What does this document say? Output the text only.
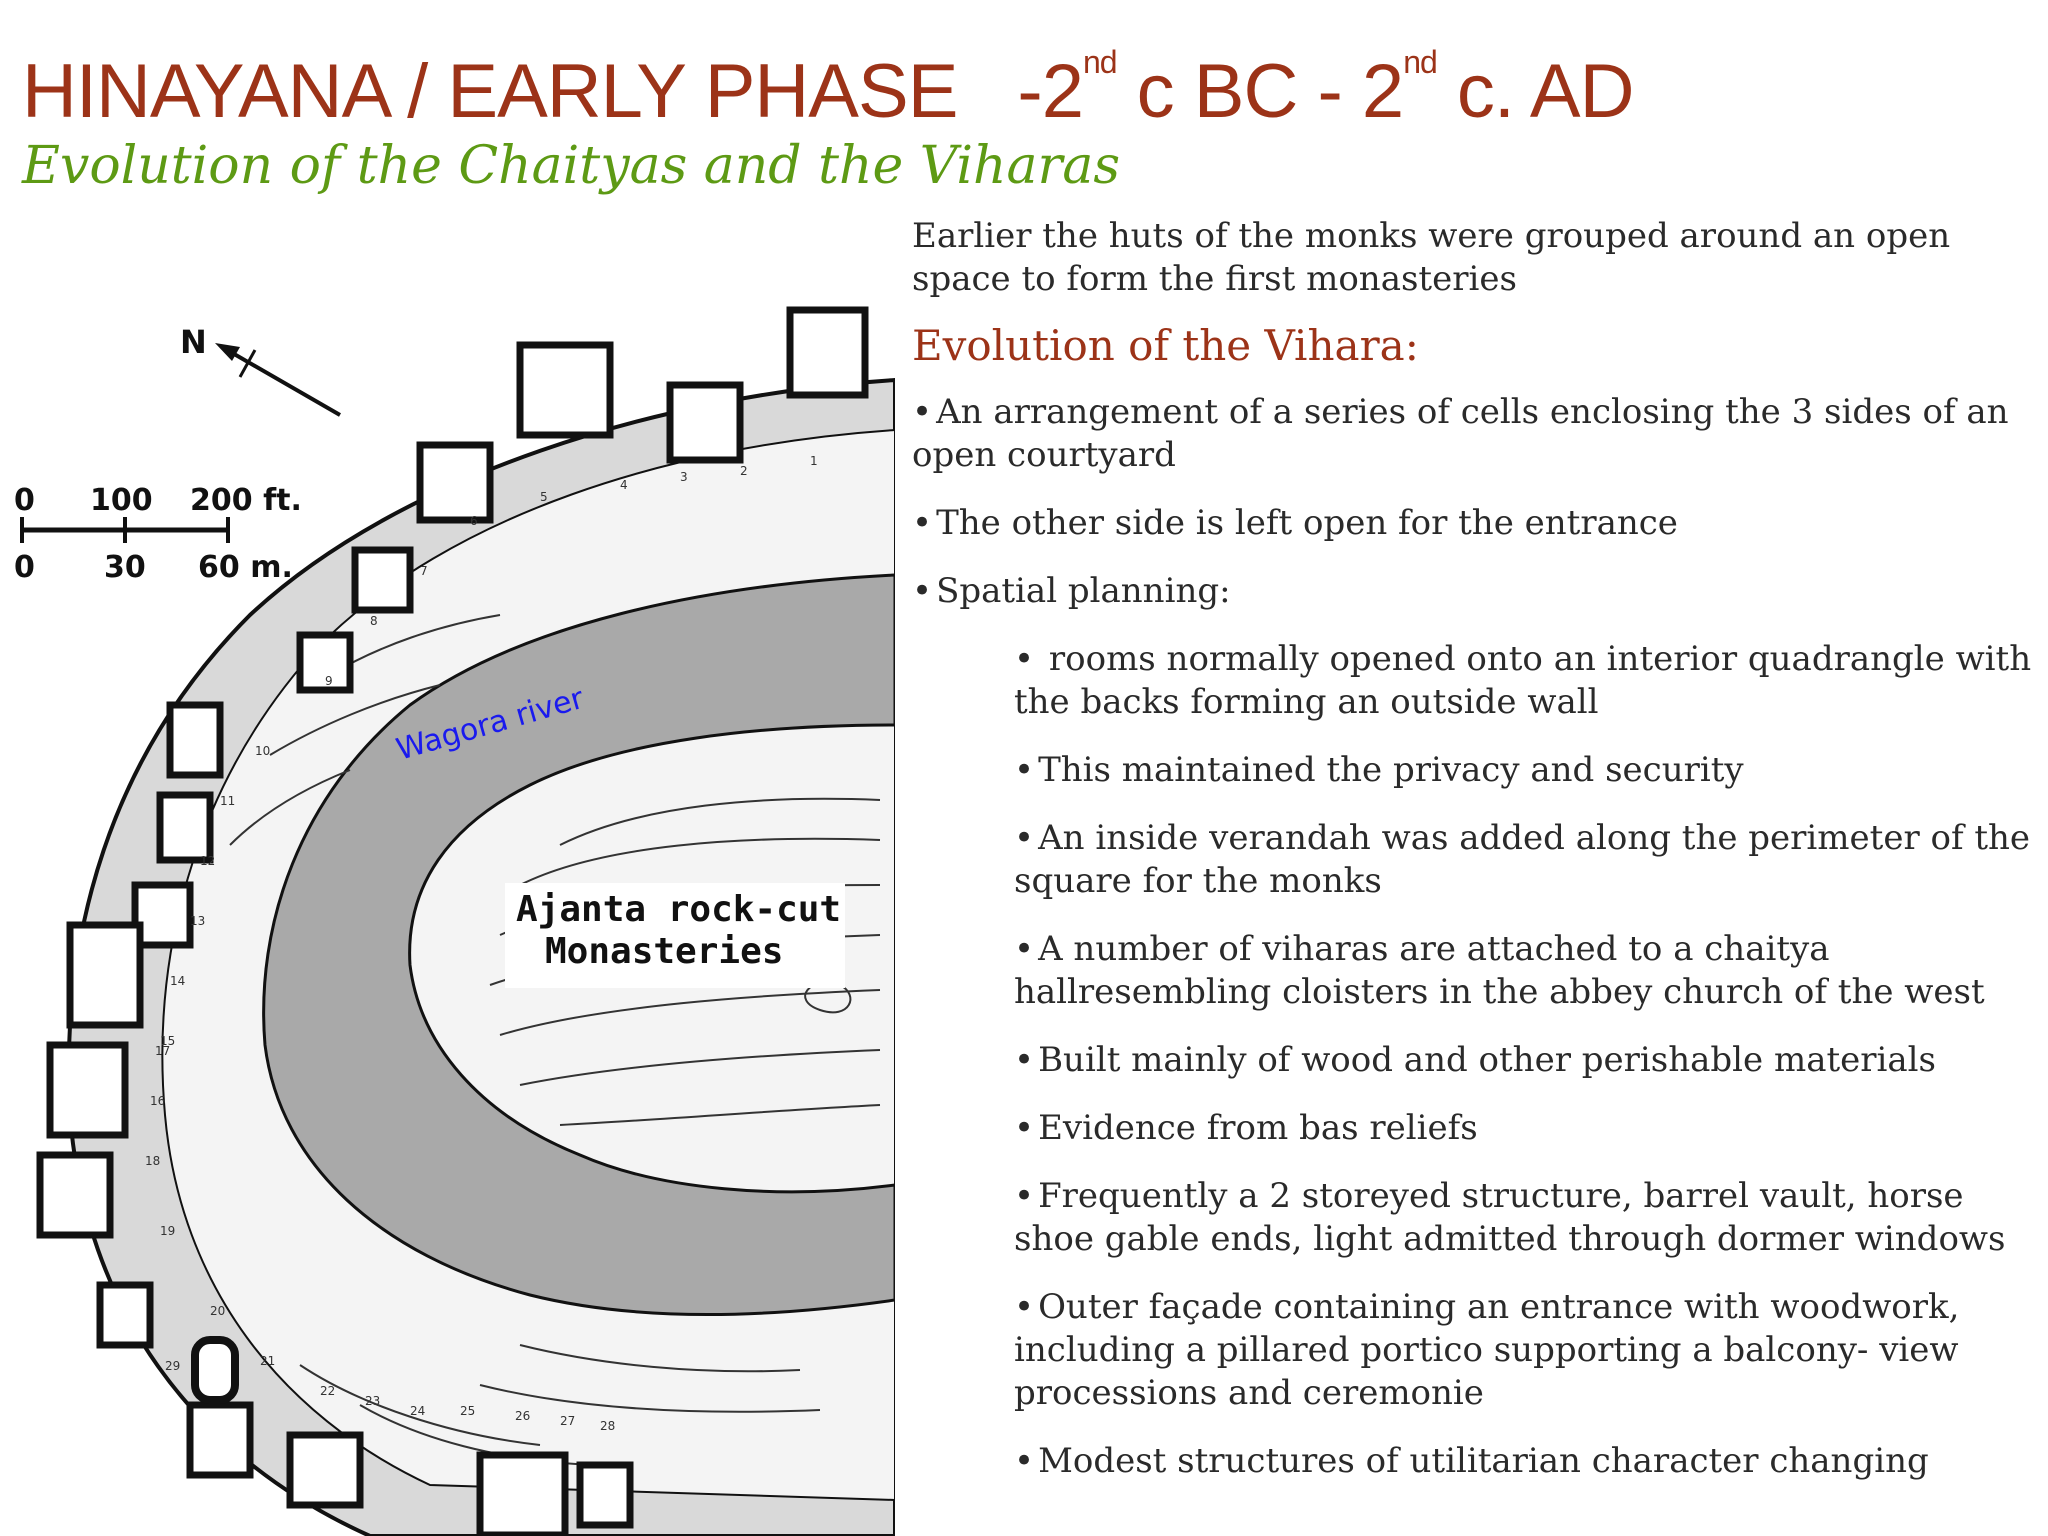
HINAYANA / EARLY PHASE -2nd c BC - 2nd c. AD
Evolution of the Chaityas and the Viharas
N
0 100 200 ft.
0 30 60 m.
Wagora river
Ajanta rock-cut
Monasteries
1
2
3
4
5
6
7
8
9
10
11
12
13
14
15
16
17
18
19
20
21
22
23
24	25	26 27 28
29

Earlier the huts of the monks were grouped around an open space to form the first monasteries

Evolution of the Vihara:
• An arrangement of a series of cells enclosing the 3 sides of an open courtyard
• The other side is left open for the entrance
• Spatial planning:
• rooms normally opened onto an interior quadrangle with the backs forming an outside wall
• This maintained the privacy and security
• An inside verandah was added along the perimeter of the square for the monks
• A number of viharas are attached to a chaitya hallresembling cloisters in the abbey church of the west
• Built mainly of wood and other perishable materials
• Evidence from bas reliefs
• Frequently a 2 storeyed structure, barrel vault, horse shoe gable ends, light admitted through dormer windows
• Outer façade containing an entrance with woodwork, including a pillared portico supporting a balcony- view processions and ceremonie
• Modest structures of utilitarian character changing
